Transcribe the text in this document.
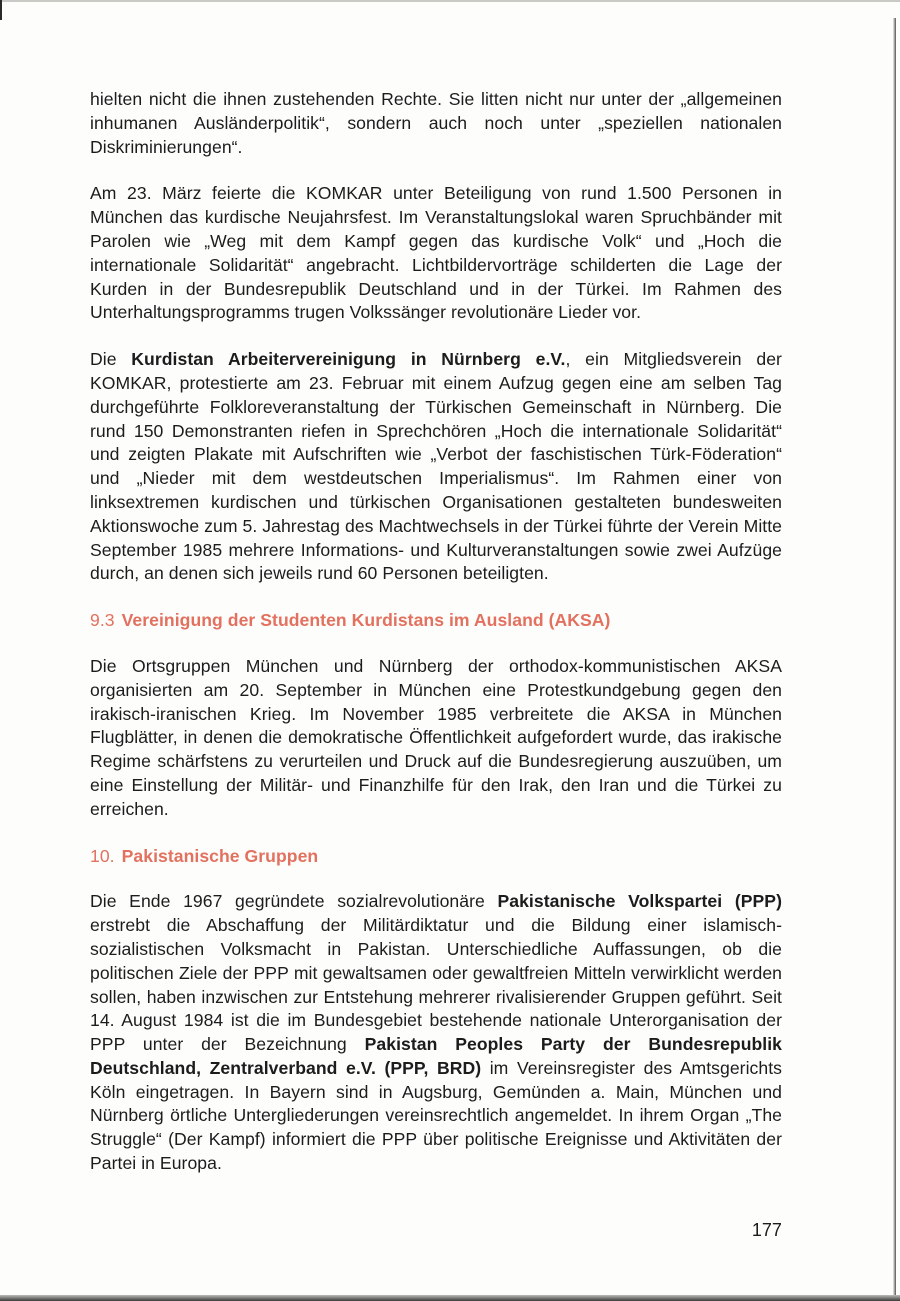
hielten nicht die ihnen zustehenden Rechte. Sie litten nicht nur unter der „allgemeinen inhumanen Ausländerpolitik“, sondern auch noch unter „speziellen nationalen Diskriminierungen“.

Am 23. März feierte die KOMKAR unter Beteiligung von rund 1.500 Personen in München das kurdische Neujahrsfest. Im Veranstaltungslokal waren Spruchbänder mit Parolen wie „Weg mit dem Kampf gegen das kurdische Volk“ und „Hoch die internationale Solidarität“ angebracht. Lichtbildervorträge schilderten die Lage der Kurden in der Bundesrepublik Deutschland und in der Türkei. Im Rahmen des Unterhaltungsprogramms trugen Volkssänger revolutionäre Lieder vor.

Die Kurdistan Arbeitervereinigung in Nürnberg e.V., ein Mitgliedsverein der KOMKAR, protestierte am 23. Februar mit einem Aufzug gegen eine am selben Tag durchgeführte Folkloreveranstaltung der Türkischen Gemeinschaft in Nürnberg. Die rund 150 Demonstranten riefen in Sprechchören „Hoch die internationale Solidarität“ und zeigten Plakate mit Aufschriften wie „Verbot der faschistischen Türk-Föderation“ und „Nieder mit dem westdeutschen Imperialismus“. Im Rahmen einer von linksextremen kurdischen und türkischen Organisationen gestalteten bundesweiten Aktionswoche zum 5. Jahrestag des Machtwechsels in der Türkei führte der Verein Mitte September 1985 mehrere Informations- und Kulturveranstaltungen sowie zwei Aufzüge durch, an denen sich jeweils rund 60 Personen beteiligten.

9.3 Vereinigung der Studenten Kurdistans im Ausland (AKSA)

Die Ortsgruppen München und Nürnberg der orthodox-kommunistischen AKSA organisierten am 20. September in München eine Protestkundgebung gegen den irakisch-iranischen Krieg. Im November 1985 verbreitete die AKSA in München Flugblätter, in denen die demokratische Öffentlichkeit aufgefordert wurde, das irakische Regime schärfstens zu verurteilen und Druck auf die Bundesregierung auszuüben, um eine Einstellung der Militär- und Finanzhilfe für den Irak, den Iran und die Türkei zu erreichen.

10. Pakistanische Gruppen

Die Ende 1967 gegründete sozialrevolutionäre Pakistanische Volkspartei (PPP) erstrebt die Abschaffung der Militärdiktatur und die Bildung einer islamisch-sozialistischen Volksmacht in Pakistan. Unterschiedliche Auffassungen, ob die politischen Ziele der PPP mit gewaltsamen oder gewaltfreien Mitteln verwirklicht werden sollen, haben inzwischen zur Entstehung mehrerer rivalisierender Gruppen geführt. Seit 14. August 1984 ist die im Bundesgebiet bestehende nationale Unterorganisation der PPP unter der Bezeichnung Pakistan Peoples Party der Bundesrepublik Deutschland, Zentralverband e.V. (PPP, BRD) im Vereinsregister des Amtsgerichts Köln eingetragen. In Bayern sind in Augsburg, Gemünden a. Main, München und Nürnberg örtliche Untergliederungen vereinsrechtlich angemeldet. In ihrem Organ „The Struggle“ (Der Kampf) informiert die PPP über politische Ereignisse und Aktivitäten der Partei in Europa.

177
